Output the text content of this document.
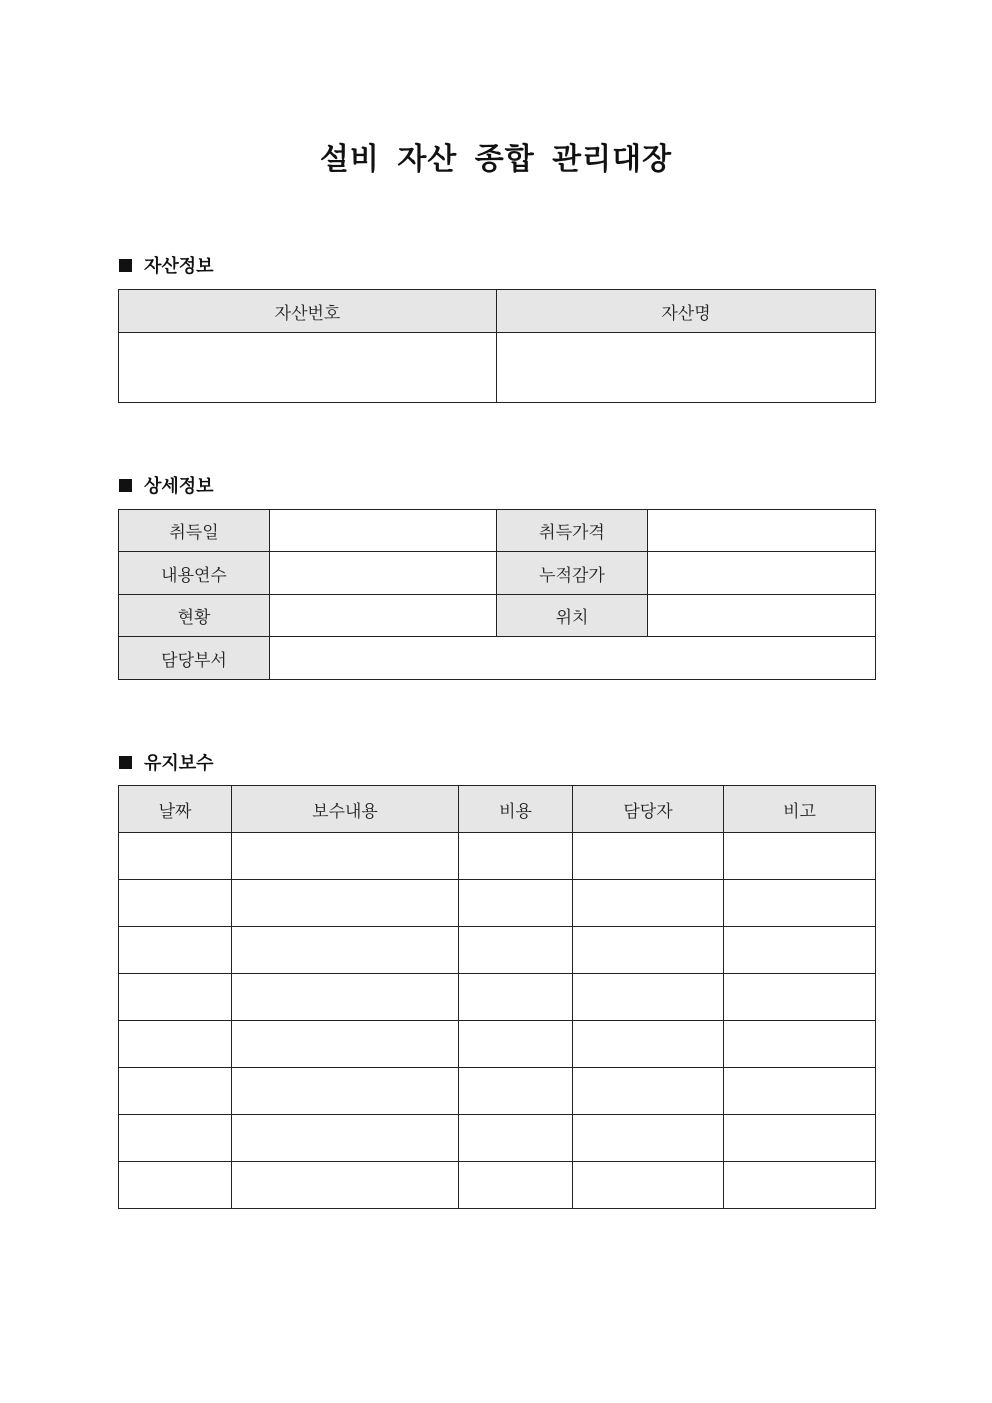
설비 자산 종합 관리대장
자산정보
자산번호	자산명

상세정보
취득일		취득가격	
내용연수		누적감가	
현황		위치	
담당부서			
유지보수
날짜	보수내용	비용	담당자	비고
